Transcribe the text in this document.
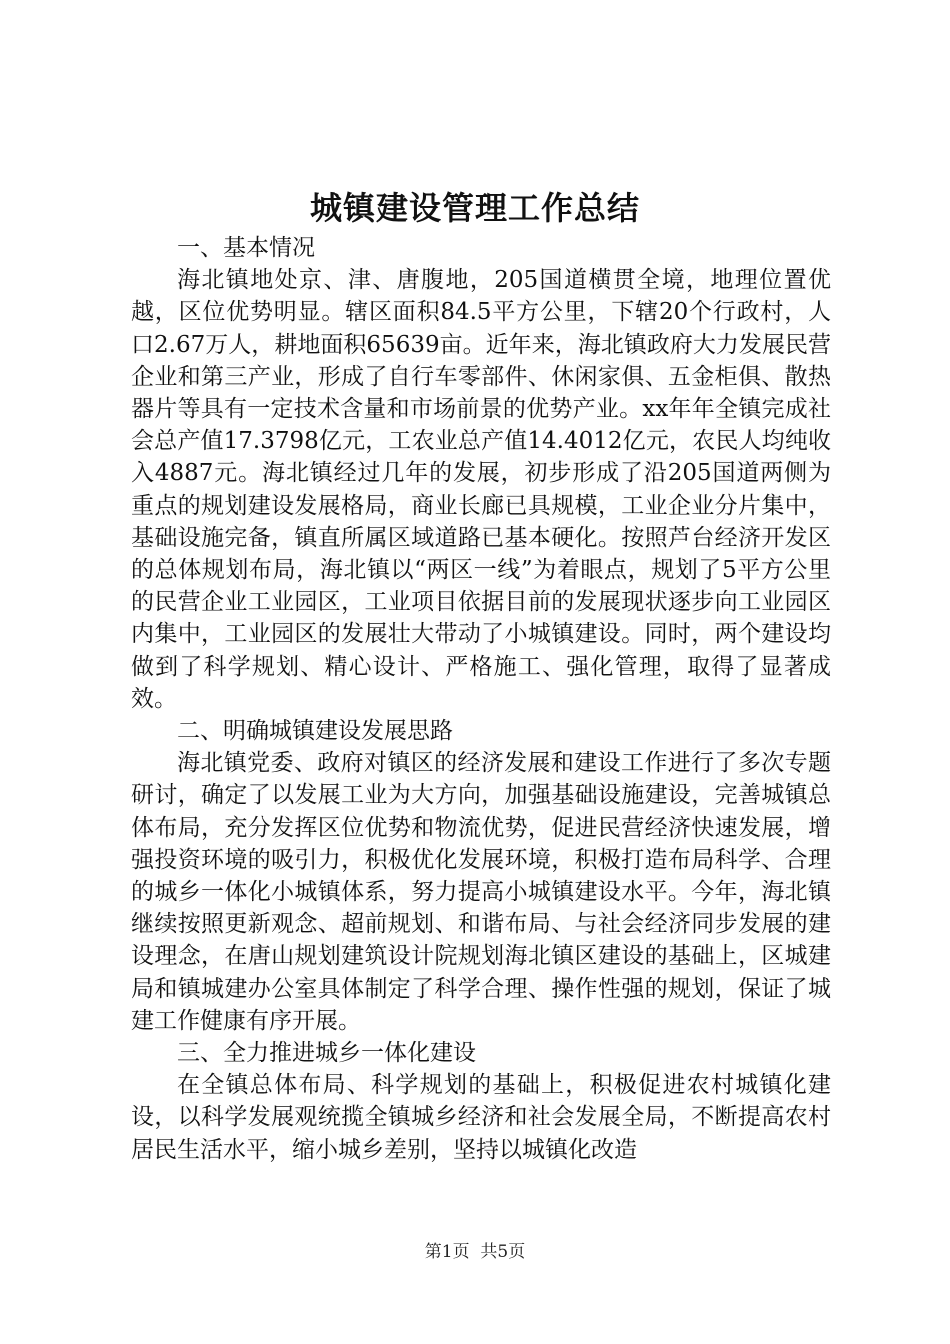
城镇建设管理工作总结
一、基本情况

海北镇地处京、津、唐腹地，205国道横贯全境，地理位置优越，区位优势明显。辖区面积84.5平方公里，下辖20个行政村，人口2.67万人，耕地面积65639亩。近年来，海北镇政府大力发展民营企业和第三产业，形成了自行车零部件、休闲家俱、五金柜俱、散热器片等具有一定技术含量和市场前景的优势产业。xx年年全镇完成社会总产值17.3798亿元，工农业总产值14.4012亿元，农民人均纯收入4887元。海北镇经过几年的发展，初步形成了沿205国道两侧为重点的规划建设发展格局，商业长廊已具规模，工业企业分片集中，基础设施完备，镇直所属区域道路已基本硬化。按照芦台经济开发区的总体规划布局，海北镇以“两区一线”为着眼点，规划了5平方公里的民营企业工业园区，工业项目依据目前的发展现状逐步向工业园区内集中，工业园区的发展壮大带动了小城镇建设。同时，两个建设均做到了科学规划、精心设计、严格施工、强化管理，取得了显著成效。

二、明确城镇建设发展思路

海北镇党委、政府对镇区的经济发展和建设工作进行了多次专题研讨，确定了以发展工业为大方向，加强基础设施建设，完善城镇总体布局，充分发挥区位优势和物流优势，促进民营经济快速发展，增强投资环境的吸引力，积极优化发展环境，积极打造布局科学、合理的城乡一体化小城镇体系，努力提高小城镇建设水平。今年，海北镇继续按照更新观念、超前规划、和谐布局、与社会经济同步发展的建设理念，在唐山规划建筑设计院规划海北镇区建设的基础上，区城建局和镇城建办公室具体制定了科学合理、操作性强的规划，保证了城建工作健康有序开展。

三、全力推进城乡一体化建设

在全镇总体布局、科学规划的基础上，积极促进农村城镇化建设，以科学发展观统揽全镇城乡经济和社会发展全局，不断提高农村居民生活水平，缩小城乡差别，坚持以城镇化改造

第1页  共5页
